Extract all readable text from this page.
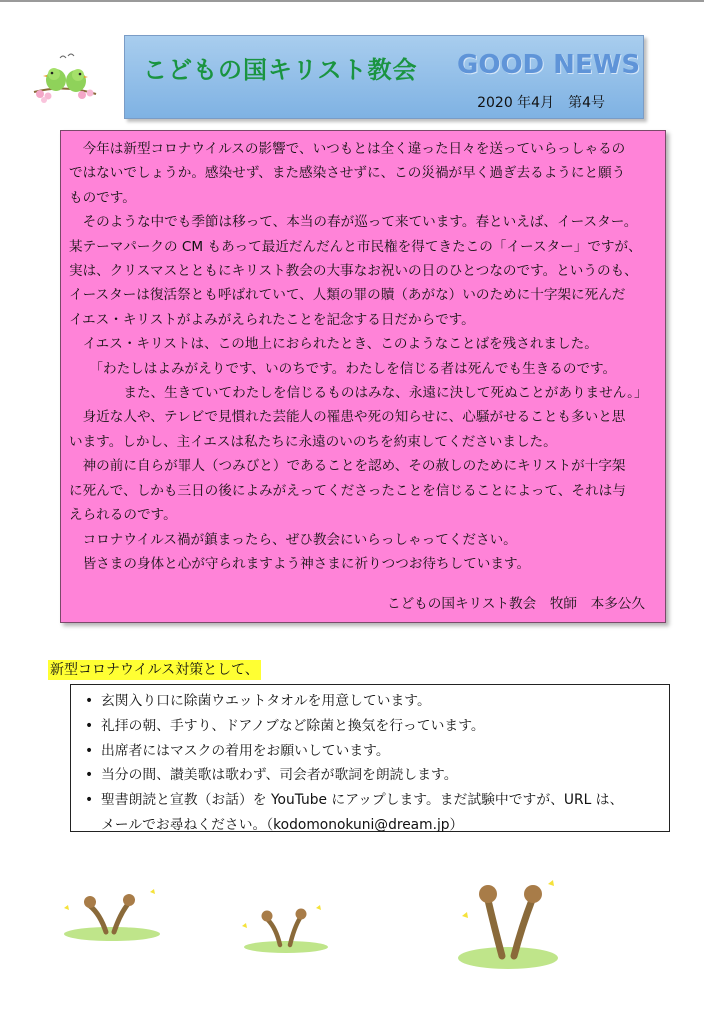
こどもの国キリスト教会 GOOD NEWS
2020 年4月　第4号

　今年は新型コロナウイルスの影響で、いつもとは全く違った日々を送っていらっしゃるの

ではないでしょうか。感染せず、また感染させずに、この災禍が早く過ぎ去るようにと願う

ものです。

　そのような中でも季節は移って、本当の春が巡って来ています。春といえば、イースター。

某テーマパークの CM もあって最近だんだんと市民権を得てきたこの「イースター」ですが、

実は、クリスマスとともにキリスト教会の大事なお祝いの日のひとつなのです。というのも、

イースターは復活祭とも呼ばれていて、人類の罪の贖（あがな）いのために十字架に死んだ

イエス・キリストがよみがえられたことを記念する日だからです。

　イエス・キリストは、この地上におられたとき、このようなことばを残されました。

　　「わたしはよみがえりです、いのちです。わたしを信じる者は死んでも生きるのです。

　　　　また、生きていてわたしを信じるものはみな、永遠に決して死ぬことがありません。」

　身近な人や、テレビで見慣れた芸能人の罹患や死の知らせに、心騒がせることも多いと思

います。しかし、主イエスは私たちに永遠のいのちを約束してくださいました。

　神の前に自らが罪人（つみびと）であることを認め、その赦しのためにキリストが十字架

に死んで、しかも三日の後によみがえってくださったことを信じることによって、それは与

えられるのです。

　コロナウイルス禍が鎮まったら、ぜひ教会にいらっしゃってください。

　皆さまの身体と心が守られますよう神さまに祈りつつお待ちしています。

こどもの国キリスト教会　牧師　本多公久
新型コロナウイルス対策として、
• 玄関入り口に除菌ウエットタオルを用意しています。
• 礼拝の朝、手すり、ドアノブなど除菌と換気を行っています。
• 出席者にはマスクの着用をお願いしています。
• 当分の間、讃美歌は歌わず、司会者が歌詞を朗読します。
• 聖書朗読と宣教（お話）を YouTube にアップします。まだ試験中ですが、URL は、
メールでお尋ねください。（kodomonokuni@dream.jp）
